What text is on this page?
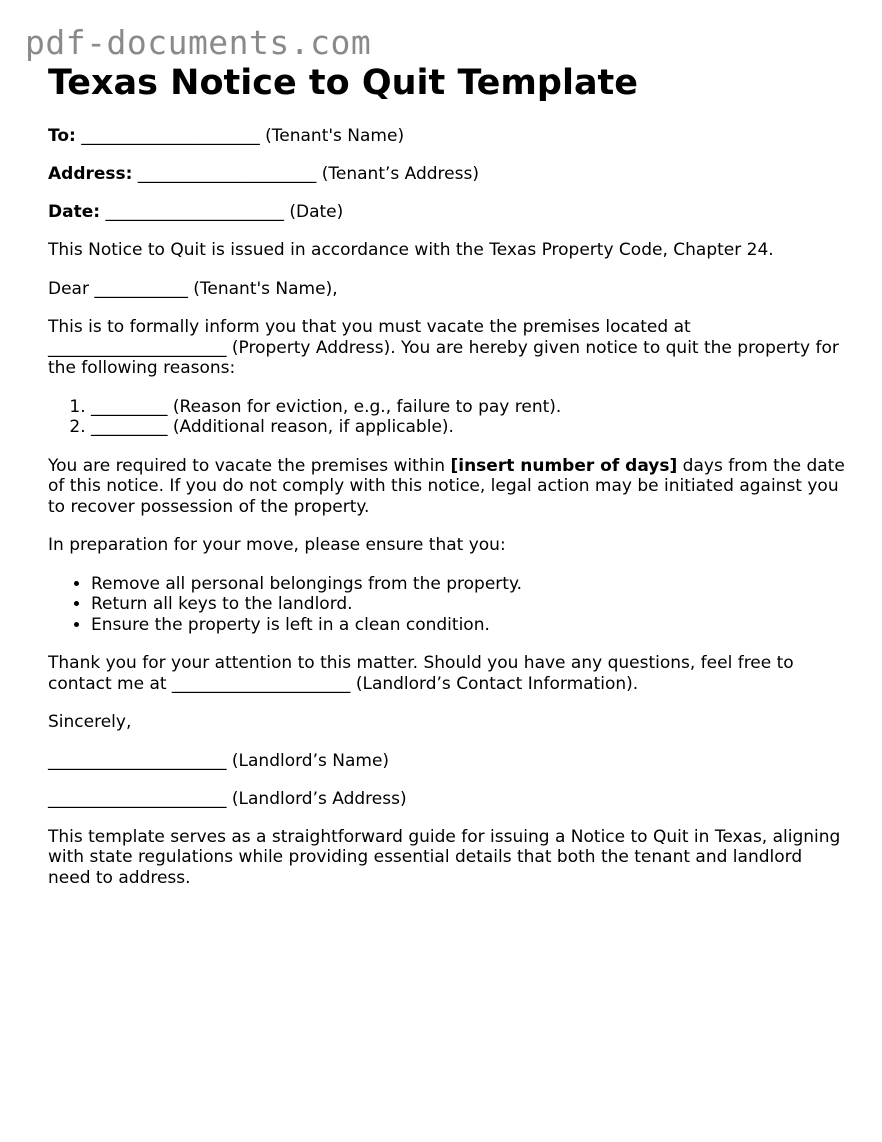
pdf-documents.com
Texas Notice to Quit Template

To: _____________________ (Tenant's Name)

Address: _____________________ (Tenant’s Address)

Date: _____________________ (Date)

This Notice to Quit is issued in accordance with the Texas Property Code, Chapter 24.

Dear ___________ (Tenant's Name),

This is to formally inform you that you must vacate the premises located at
_____________________ (Property Address). You are hereby given notice to quit the property for the following reasons:

1. _________ (Reason for eviction, e.g., failure to pay rent).
2. _________ (Additional reason, if applicable).

You are required to vacate the premises within [insert number of days] days from the date of this notice. If you do not comply with this notice, legal action may be initiated against you to recover possession of the property.

In preparation for your move, please ensure that you:

• Remove all personal belongings from the property.
• Return all keys to the landlord.
• Ensure the property is left in a clean condition.

Thank you for your attention to this matter. Should you have any questions, feel free to
contact me at _____________________ (Landlord’s Contact Information).

Sincerely,

_____________________ (Landlord’s Name)

_____________________ (Landlord’s Address)

This template serves as a straightforward guide for issuing a Notice to Quit in Texas, aligning with state regulations while providing essential details that both the tenant and landlord need to address.
